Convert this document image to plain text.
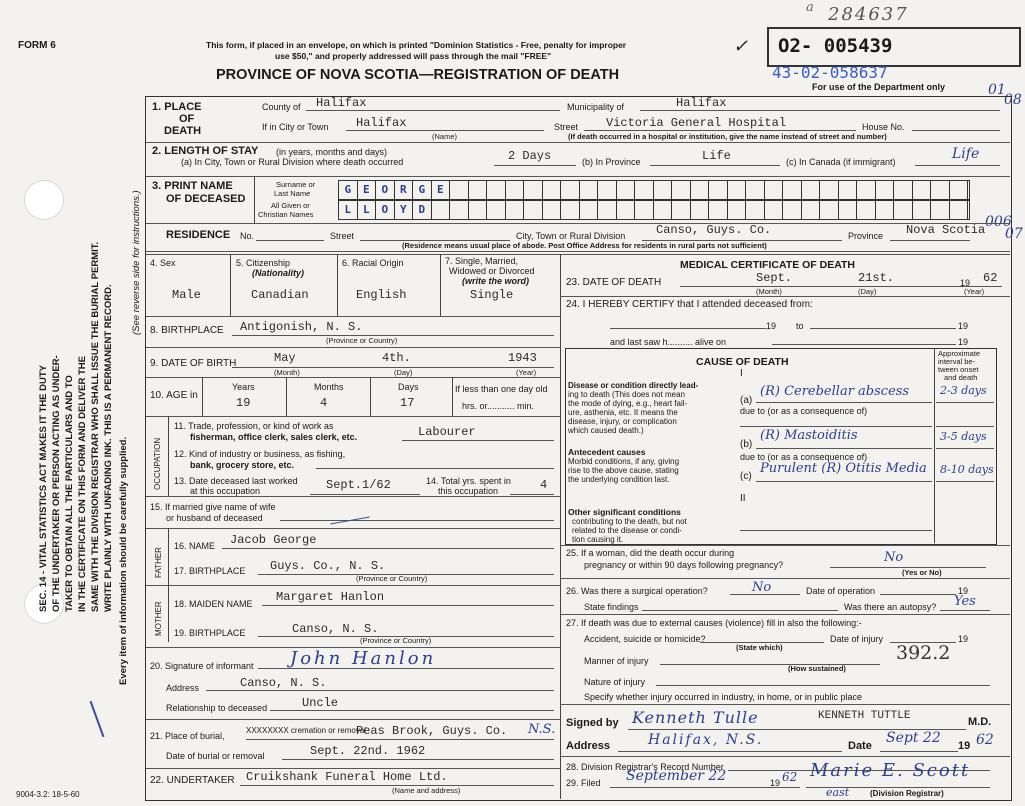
SEC. 14 - VITAL STATISTICS ACT MAKES IT THE DUTY OF THE UNDERTAKER OR PERSON ACTING AS UNDER- TAKER TO OBTAIN ALL THE PARTICULARS AND TO IN THE CERTIFICATE ON THIS FORM AND DELIVER THE SAME WITH THE DIVISION REGISTRAR WHO SHALL ISSUE THE BURIAL PERMIT. WRITE PLAINLY WITH UNFADING INK. THIS IS A PERMANENT RECORD. Every item of information should be carefully supplied.
(See reverse side for instructions.)
FORM 6	This form, if placed in an envelope, on which is printed "Dominion Statistics - Free, penalty for improper
use $50," and properly addressed will pass through the mail "FREE"	✓
PROVINCE OF NOVA SCOTIA—REGISTRATION OF DEATH
a 284637
O2- 005439
43-02-058637
For use of the Department only	01
08
1. PLACE
OF
DEATH
County of Halifax	Municipality of	Halifax
If in City or Town Halifax
(Name)
Street Victoria General Hospital	House No.
(If death occurred in a hospital or institution, give the name instead of street and number)
2. LENGTH OF STAY (in years, months and days)
(a) In City, Town or Rural Division where death occurred	2 Days	(b) In Province	Life	(c) In Canada (if immigrant)	Life
3. PRINT NAME
OF DECEASED
Surname or
Last Name
All Given or
Christian Names
G	E	O	R	G	E
L	L	O	Y	D
006
07
RESIDENCE No.	Street	City, Town or Rural Division	Canso, Guys. Co.	Province Nova Scotia
(Residence means usual place of abode. Post Office Address for residents in rural parts not sufficient)
4. Sex
Male
5. Citizenship
(Nationality)
Canadian
6. Racial Origin
English
7. Single, Married,
Widowed or Divorced
(write the word)
Single
8. BIRTHPLACE Antigonish, N. S.
(Province or Country)
9. DATE OF BIRTH	May	4th.	1943
(Month)	(Day)	(Year)
10. AGE in
Years	Months	Days
19	4	17
If less than one day old
hrs. or........... min.
OCCUPATION
11. Trade, profession, or kind of work as
fisherman, office clerk, sales clerk, etc.	Labourer
12. Kind of industry or business, as fishing,
bank, grocery store, etc.
13. Date deceased last worked
at this occupation	Sept.1/62	14. Total yrs. spent in
this occupation	4
15. If married give name of wife
or husband of deceased
FATHER
16. NAME Jacob George
17. BIRTHPLACE Guys. Co., N. S.
(Province or Country)
MOTHER 18. MAIDEN NAME Margaret Hanlon
19. BIRTHPLACE	Canso, N. S.
(Province or Country)
20. Signature of informant John Hanlon
Address	Canso, N. S.
Relationship to deceased	Uncle
21. Place of burial,
XXXXXXXX cremation or removal
Peas Brook, Guys. Co. N.S.
Date of burial or removal	Sept. 22nd. 1962
22. UNDERTAKER Cruikshank Funeral Home Ltd.
(Name and address)
MEDICAL CERTIFICATE OF DEATH
23. DATE OF DEATH	Sept.	21st.	19 62
(Month)	(Day)	(Year)
24. I HEREBY CERTIFY that I attended deceased from:
19 to	19
and last saw h.......... alive on	19
CAUSE OF DEATH
Approximate
interval be-
tween onset
and death
I
Disease or condition directly lead-
ing to death (This does not mean
the mode of dying, e.g., heart fail-
ure, asthenia, etc. It means the
disease, injury, or complication
which caused death.)
(a)
(R) Cerebellar abscess	2-3 days
due to (or as a consequence of)
Antecedent causes
Morbid conditions, if any, giving
rise to the above cause, stating
the underlying condition last.
(b)
(R) Mastoiditis	3-5 days
due to (or as a consequence of)
(c)
Purulent (R) Otitis Media 8-10 days
II
Other significant conditions
contributing to the death, but not
related to the disease or condi-
tion causing it.
25. If a woman, did the death occur during
pregnancy or within 90 days following pregnancy?	No
(Yes or No)
26. Was there a surgical operation?	No	Date of operation	19
State findings	Was there an autopsy? Yes
27. If death was due to external causes (violence) fill in also the following:-
Accident, suicide or homicide?	Date of injury	19
(State which)	392.2
Manner of injury
(How sustained)
Nature of injury
Specify whether injury occurred in industry, in home, or in public place
Signed by Kenneth Tulle	KENNETH TUTTLE	M.D.
Address	Halifax, N.S.	Date Sept 22 19 62
28. Division Registrar's Record Number
29. Filed September 22	19 62 Marie E. Scott
east	(Division Registrar)
9004-3.2: 18-5-60
